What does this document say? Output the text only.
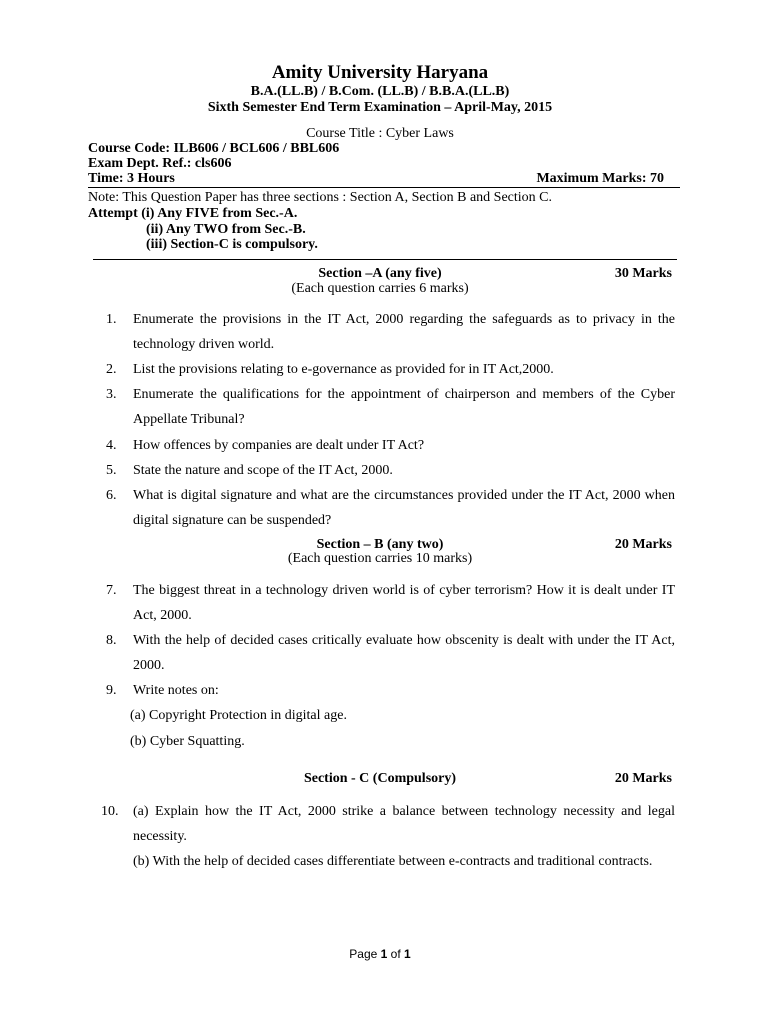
Amity University Haryana
B.A.(LL.B) / B.Com. (LL.B) / B.B.A.(LL.B)
Sixth Semester End Term Examination – April-May, 2015
Course Title : Cyber Laws
Course Code: ILB606 / BCL606 / BBL606
Exam Dept. Ref.: cls606
Time: 3 Hours	Maximum Marks: 70
Note: This Question Paper has three sections : Section A, Section B and Section C.
Attempt (i) Any FIVE from Sec.-A.
(ii) Any TWO from Sec.-B.
(iii) Section-C is compulsory.
Section –A (any five)	30 Marks
(Each question carries 6 marks)
1. Enumerate the provisions in the IT Act, 2000 regarding the safeguards as to privacy in the technology driven world.
2. List the provisions relating to e-governance as provided for in IT Act,2000.
3. Enumerate the qualifications for the appointment of chairperson and members of the Cyber Appellate Tribunal?
4. How offences by companies are dealt under IT Act?
5. State the nature and scope of the IT Act, 2000.
6. What is digital signature and what are the circumstances provided under the IT Act, 2000 when digital signature can be suspended?
Section – B (any two)	20 Marks
(Each question carries 10 marks)
7. The biggest threat in a technology driven world is of cyber terrorism? How it is dealt under IT Act, 2000.
8. With the help of decided cases critically evaluate how obscenity is dealt with under the IT Act, 2000.
9. Write notes on:
(a) Copyright Protection in digital age.
(b) Cyber Squatting.
Section - C (Compulsory)	20 Marks
10. (a) Explain how the IT Act, 2000 strike a balance between technology necessity and legal necessity.
(b) With the help of decided cases differentiate between e-contracts and traditional contracts.
Page 1 of 1
